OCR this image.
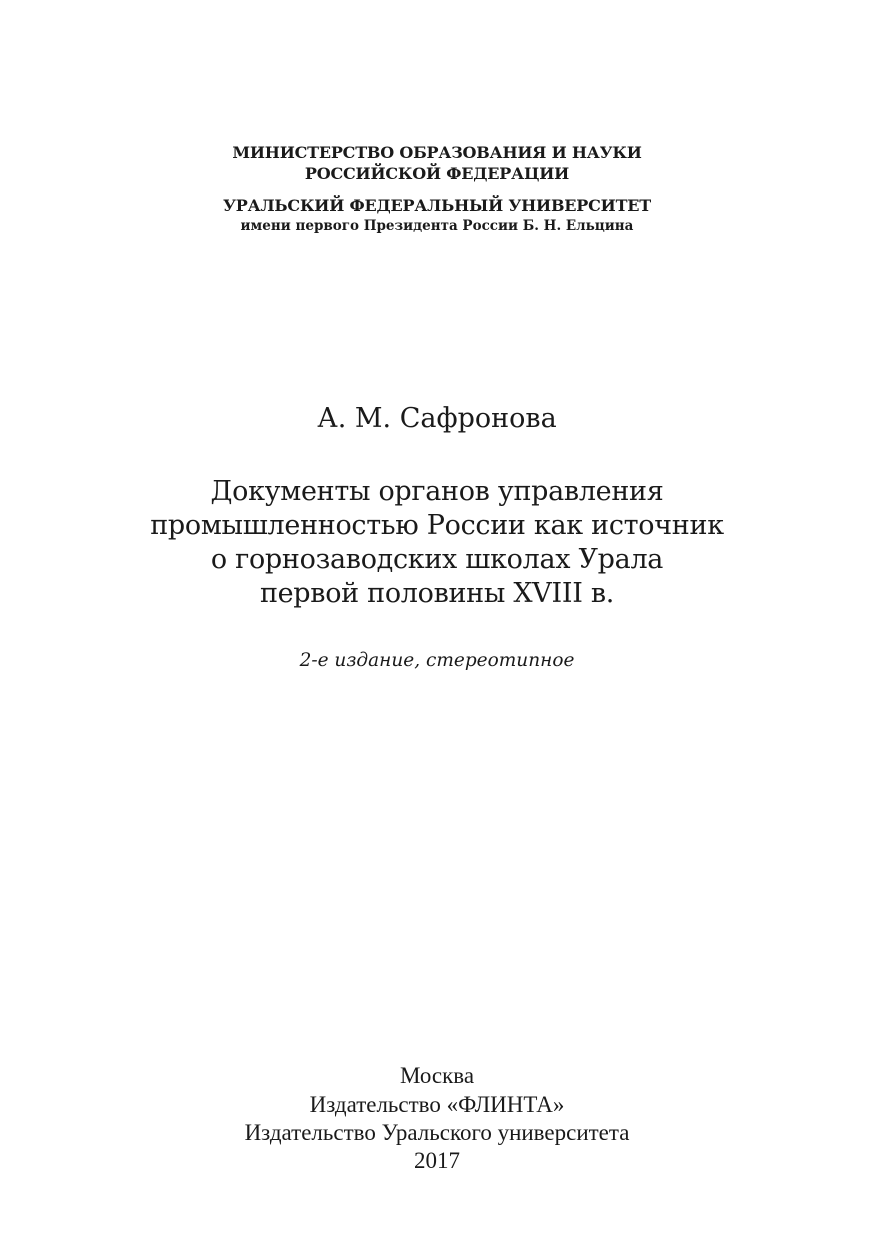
МИНИСТЕРСТВО ОБРАЗОВАНИЯ И НАУКИ
РОССИЙСКОЙ ФЕДЕРАЦИИ
УРАЛЬСКИЙ ФЕДЕРАЛЬНЫЙ УНИВЕРСИТЕТ
имени первого Президента России Б. Н. Ельцина
А. М. Сафронова
Документы органов управления
промышленностью России как источник
о горнозаводских школах Урала
первой половины XVIII в.
2-е издание, стереотипное
Москва
Издательство «ФЛИНТА»
Издательство Уральского университета
2017
